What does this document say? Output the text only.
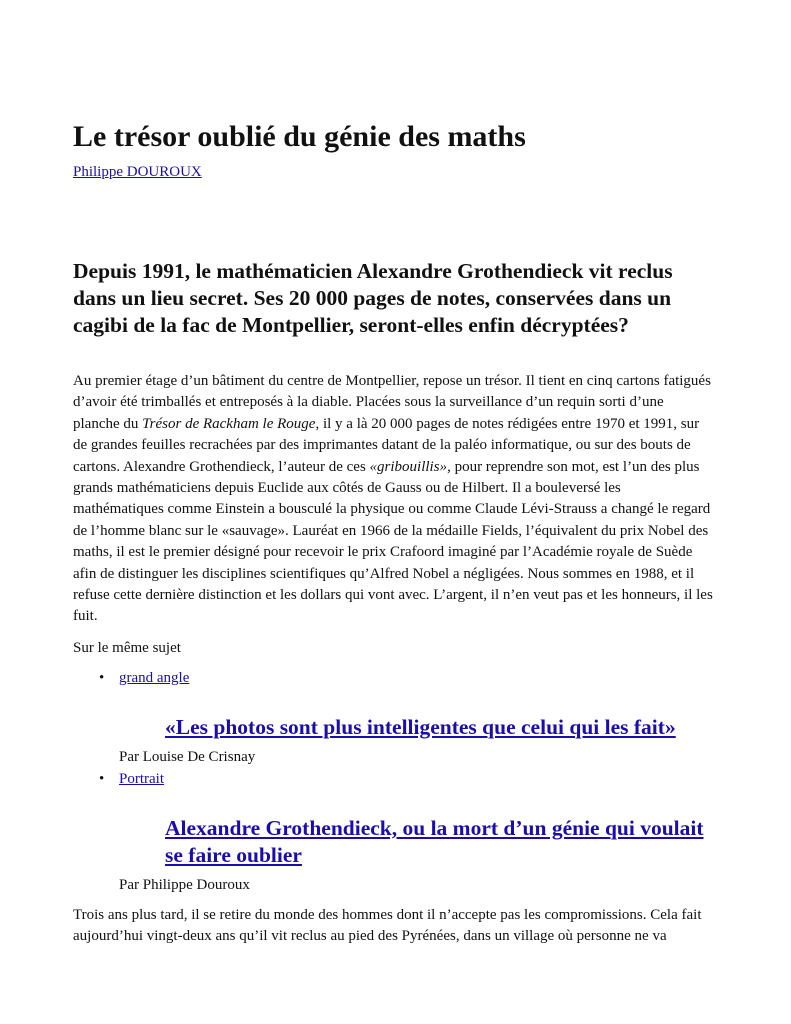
Le trésor oublié du génie des maths
Philippe DOUROUX
Depuis 1991, le mathématicien Alexandre Grothendieck vit reclus dans un lieu secret. Ses 20 000 pages de notes, conservées dans un cagibi de la fac de Montpellier, seront-elles enfin décryptées?

Au premier étage d’un bâtiment du centre de Montpellier, repose un trésor. Il tient en cinq cartons fatigués d’avoir été trimballés et entreposés à la diable. Placées sous la surveillance d’un requin sorti d’une planche du Trésor de Rackham le Rouge, il y a là 20 000 pages de notes rédigées entre 1970 et 1991, sur de grandes feuilles recrachées par des imprimantes datant de la paléo informatique, ou sur des bouts de cartons. Alexandre Grothendieck, l’auteur de ces «gribouillis», pour reprendre son mot, est l’un des plus grands mathématiciens depuis Euclide aux côtés de Gauss ou de Hilbert. Il a bouleversé les mathématiques comme Einstein a bousculé la physique ou comme Claude Lévi-Strauss a changé le regard de l’homme blanc sur le «sauvage». Lauréat en 1966 de la médaille Fields, l’équivalent du prix Nobel des maths, il est le premier désigné pour recevoir le prix Crafoord imaginé par l’Académie royale de Suède afin de distinguer les disciplines scientifiques qu’Alfred Nobel a négligées. Nous sommes en 1988, et il refuse cette dernière distinction et les dollars qui vont avec. L’argent, il n’en veut pas et les honneurs, il les fuit.

Sur le même sujet

• grand angle
«Les photos sont plus intelligentes que celui qui les fait»
Par Louise De Crisnay
• Portrait
Alexandre Grothendieck, ou la mort d’un génie qui voulait se faire oublier
Par Philippe Douroux

Trois ans plus tard, il se retire du monde des hommes dont il n’accepte pas les compromissions. Cela fait aujourd’hui vingt-deux ans qu’il vit reclus au pied des Pyrénées, dans un village où personne ne va
